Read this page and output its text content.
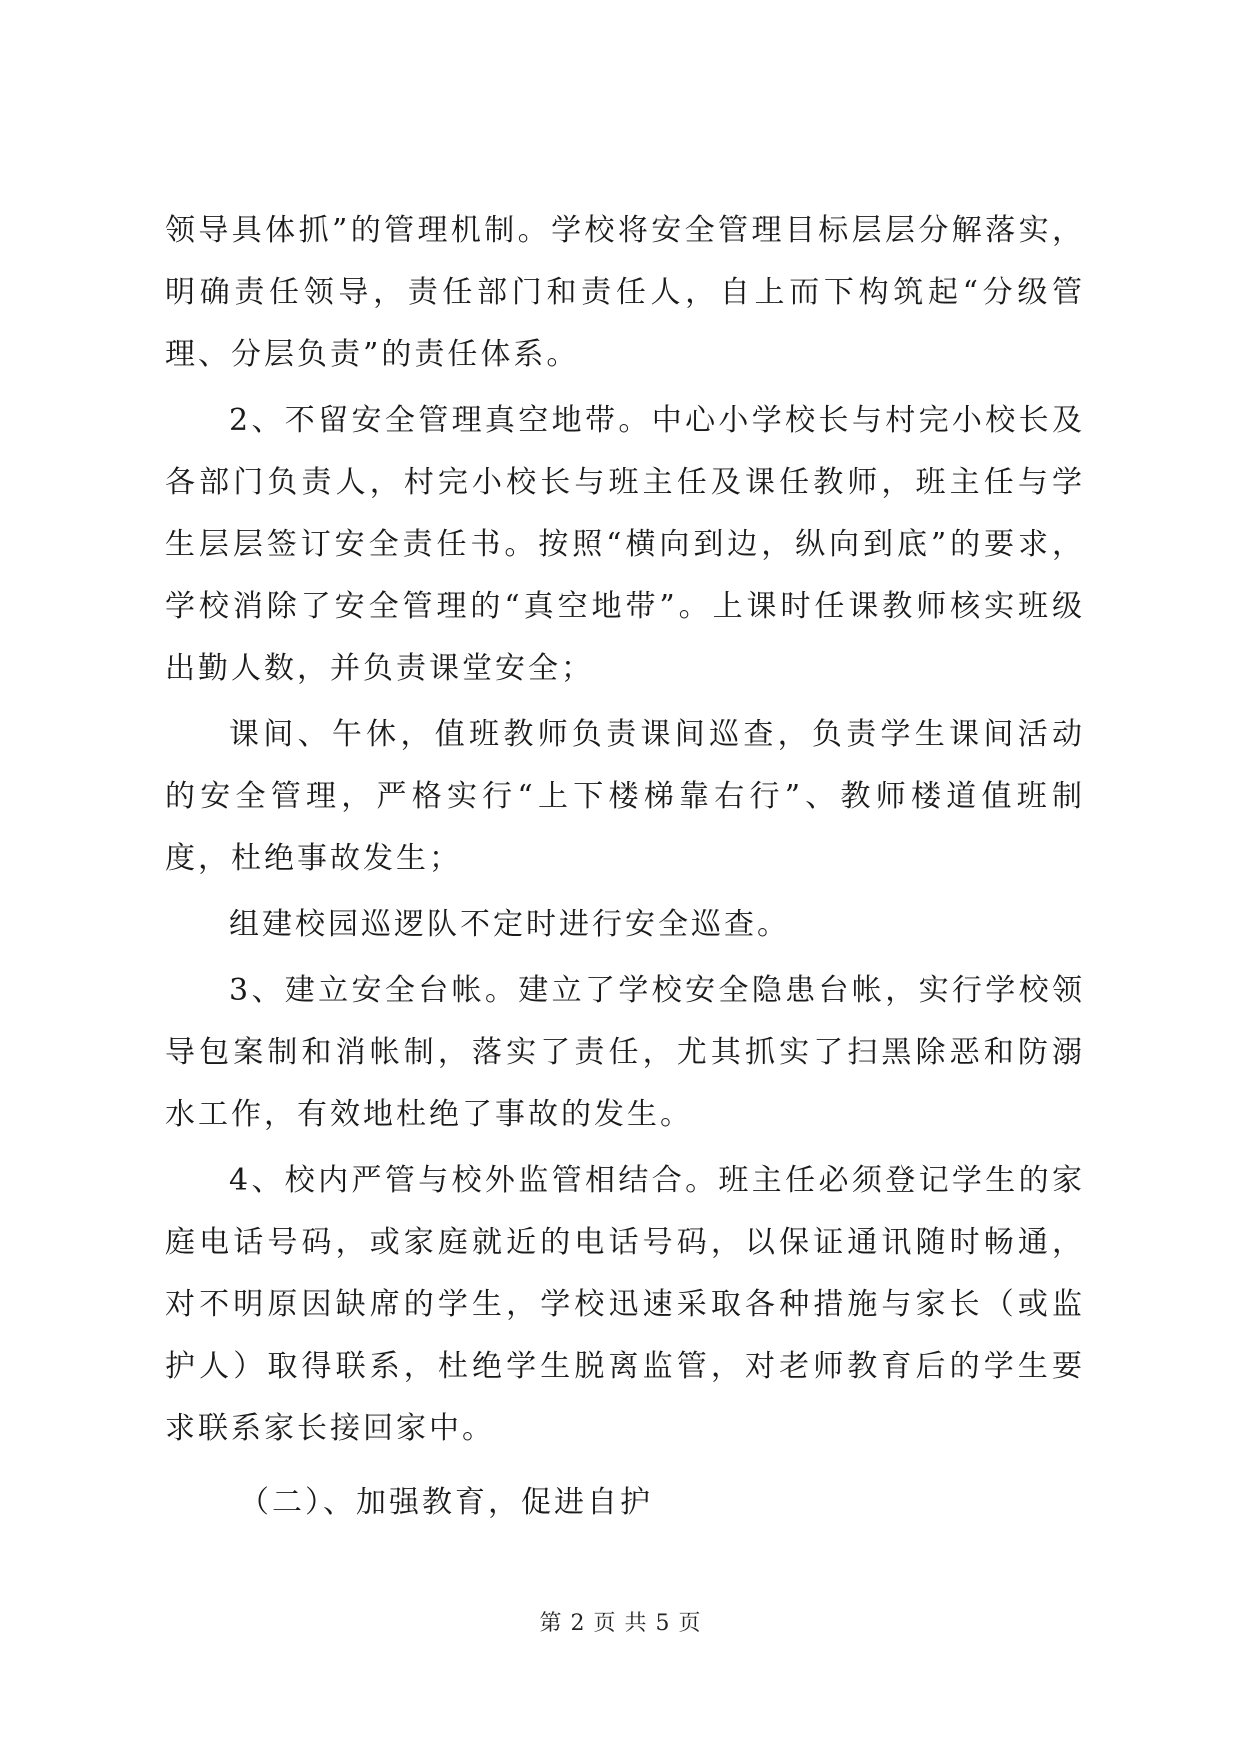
领导具体抓”的管理机制。学校将安全管理目标层层分解落实，明确责任领导，责任部门和责任人，自上而下构筑起“分级管理、分层负责”的责任体系。

2、不留安全管理真空地带。中心小学校长与村完小校长及各部门负责人，村完小校长与班主任及课任教师，班主任与学生层层签订安全责任书。按照“横向到边，纵向到底”的要求，学校消除了安全管理的“真空地带”。上课时任课教师核实班级出勤人数，并负责课堂安全；

课间、午休，值班教师负责课间巡查，负责学生课间活动的安全管理，严格实行“上下楼梯靠右行”、教师楼道值班制度，杜绝事故发生；

组建校园巡逻队不定时进行安全巡查。

3、建立安全台帐。建立了学校安全隐患台帐，实行学校领导包案制和消帐制，落实了责任，尤其抓实了扫黑除恶和防溺水工作，有效地杜绝了事故的发生。

4、校内严管与校外监管相结合。班主任必须登记学生的家庭电话号码，或家庭就近的电话号码，以保证通讯随时畅通，对不明原因缺席的学生，学校迅速采取各种措施与家长（或监护人）取得联系，杜绝学生脱离监管，对老师教育后的学生要求联系家长接回家中。

（二）、加强教育，促进自护

第 2 页 共 5 页
